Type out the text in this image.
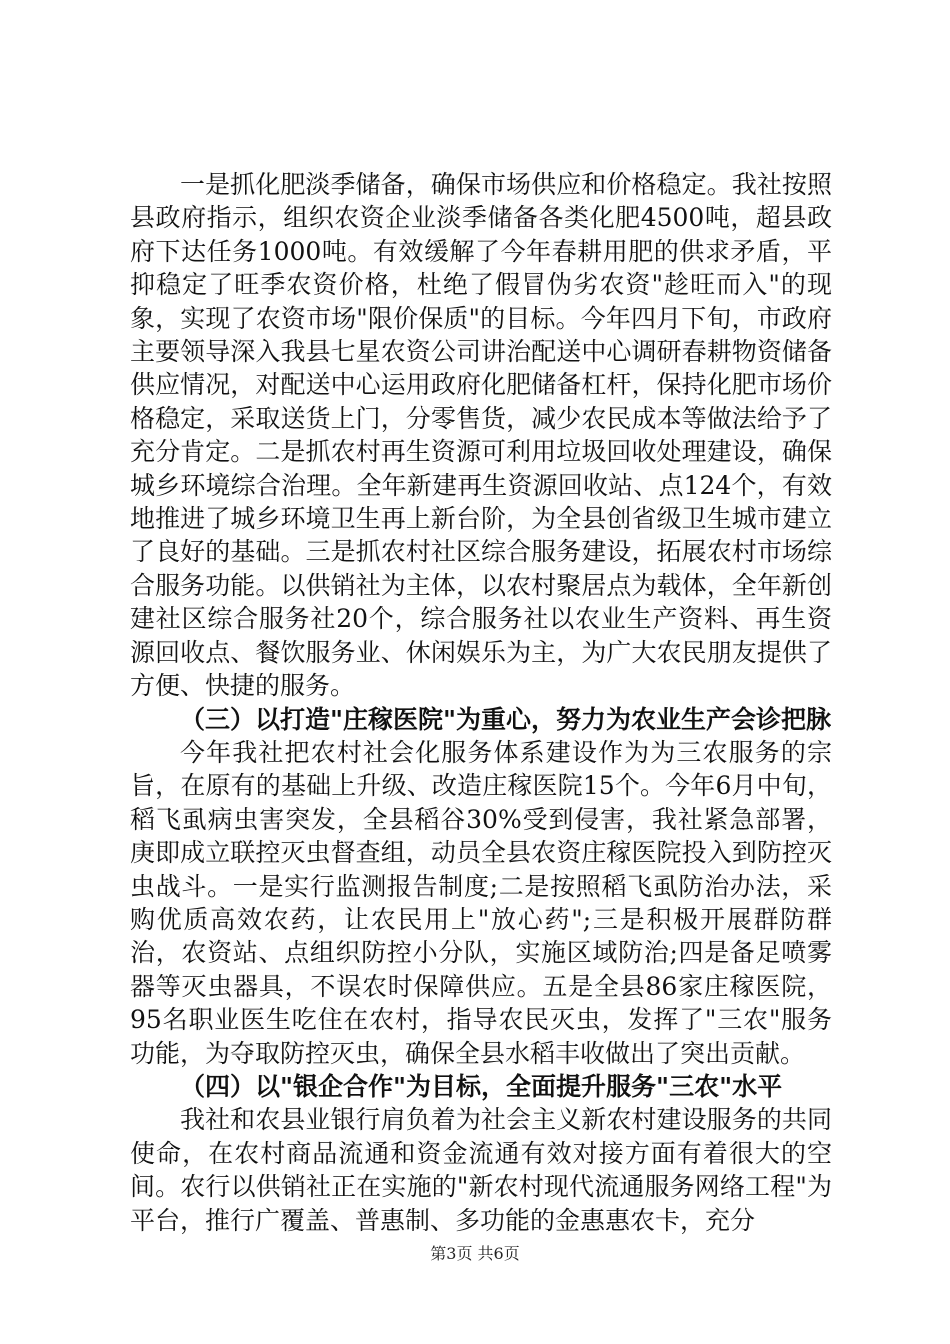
一是抓化肥淡季储备，确保市场供应和价格稳定。我社按照县政府指示，组织农资企业淡季储备各类化肥4500吨，超县政府下达任务1000吨。有效缓解了今年春耕用肥的供求矛盾，平抑稳定了旺季农资价格，杜绝了假冒伪劣农资"趁旺而入"的现象，实现了农资市场"限价保质"的目标。今年四月下旬，市政府主要领导深入我县七星农资公司讲治配送中心调研春耕物资储备供应情况，对配送中心运用政府化肥储备杠杆，保持化肥市场价格稳定，采取送货上门，分零售货，减少农民成本等做法给予了充分肯定。二是抓农村再生资源可利用垃圾回收处理建设，确保城乡环境综合治理。全年新建再生资源回收站、点124个，有效地推进了城乡环境卫生再上新台阶，为全县创省级卫生城市建立了良好的基础。三是抓农村社区综合服务建设，拓展农村市场综合服务功能。以供销社为主体，以农村聚居点为载体，全年新创建社区综合服务社20个，综合服务社以农业生产资料、再生资源回收点、餐饮服务业、休闲娱乐为主，为广大农民朋友提供了方便、快捷的服务。

（三）以打造"庄稼医院"为重心，努力为农业生产会诊把脉

今年我社把农村社会化服务体系建设作为为三农服务的宗旨，在原有的基础上升级、改造庄稼医院15个。今年6月中旬，稻飞虱病虫害突发，全县稻谷30%受到侵害，我社紧急部署，庚即成立联控灭虫督查组，动员全县农资庄稼医院投入到防控灭虫战斗。一是实行监测报告制度;二是按照稻飞虱防治办法，采购优质高效农药，让农民用上"放心药";三是积极开展群防群治，农资站、点组织防控小分队，实施区域防治;四是备足喷雾器等灭虫器具，不误农时保障供应。五是全县86家庄稼医院，95名职业医生吃住在农村，指导农民灭虫，发挥了"三农"服务功能，为夺取防控灭虫，确保全县水稻丰收做出了突出贡献。

（四）以"银企合作"为目标，全面提升服务"三农"水平

我社和农县业银行肩负着为社会主义新农村建设服务的共同使命，在农村商品流通和资金流通有效对接方面有着很大的空间。农行以供销社正在实施的"新农村现代流通服务网络工程"为平台，推行广覆盖、普惠制、多功能的金惠惠农卡，充分

第3页 共6页
